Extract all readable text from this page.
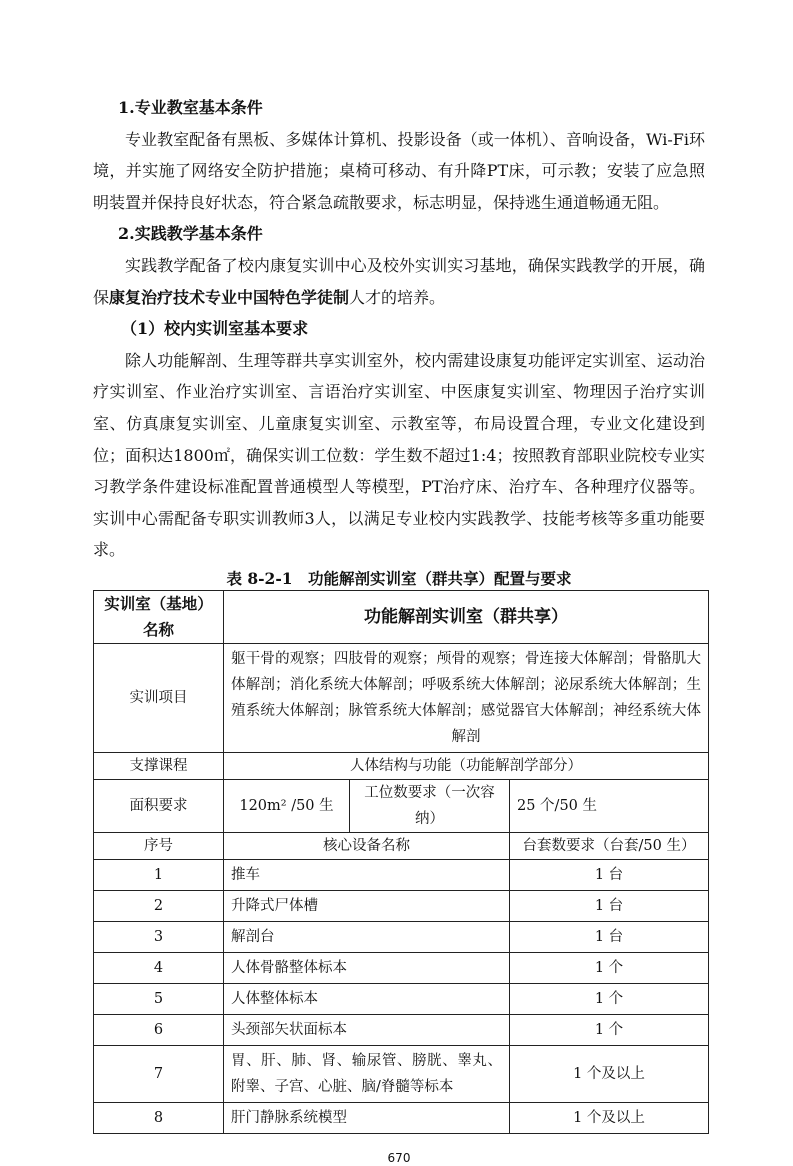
1.专业教室基本条件

专业教室配备有黑板、多媒体计算机、投影设备（或一体机）、音响设备，Wi-Fi环境，并实施了网络安全防护措施；桌椅可移动、有升降PT床，可示教；安装了应急照明装置并保持良好状态，符合紧急疏散要求，标志明显，保持逃生通道畅通无阻。

2.实践教学基本条件

实践教学配备了校内康复实训中心及校外实训实习基地，确保实践教学的开展，确保康复治疗技术专业中国特色学徒制人才的培养。

（1）校内实训室基本要求

除人功能解剖、生理等群共享实训室外，校内需建设康复功能评定实训室、运动治疗实训室、作业治疗实训室、言语治疗实训室、中医康复实训室、物理因子治疗实训室、仿真康复实训室、儿童康复实训室、示教室等，布局设置合理，专业文化建设到位；面积达1800㎡，确保实训工位数：学生数不超过1:4；按照教育部职业院校专业实习教学条件建设标准配置普通模型人等模型，PT治疗床、治疗车、各种理疗仪器等。实训中心需配备专职实训教师3人，以满足专业校内实践教学、技能考核等多重功能要求。

表 8-2-1　功能解剖实训室（群共享）配置与要求
实训室（基地）名称	功能解剖实训室（群共享）		
实训项目	躯干骨的观察；四肢骨的观察；颅骨的观察；骨连接大体解剖；骨骼肌大体解剖；消化系统大体解剖；呼吸系统大体解剖；泌尿系统大体解剖；生殖系统大体解剖；脉管系统大体解剖；感觉器官大体解剖；神经系统大体解剖		
支撑课程	人体结构与功能（功能解剖学部分）		
面积要求	120m² /50 生	工位数要求（一次容纳）	25 个/50 生
序号	核心设备名称		台套数要求（台套/50 生）
1	推车		1 台
2	升降式尸体槽		1 台
3	解剖台		1 台
4	人体骨骼整体标本		1 个
5	人体整体标本		1 个
6	头颈部矢状面标本		1 个
7	胃、肝、肺、肾、输尿管、膀胱、睾丸、附睾、子宫、心脏、脑/脊髓等标本		1 个及以上
8	肝门静脉系统模型		1 个及以上
670
